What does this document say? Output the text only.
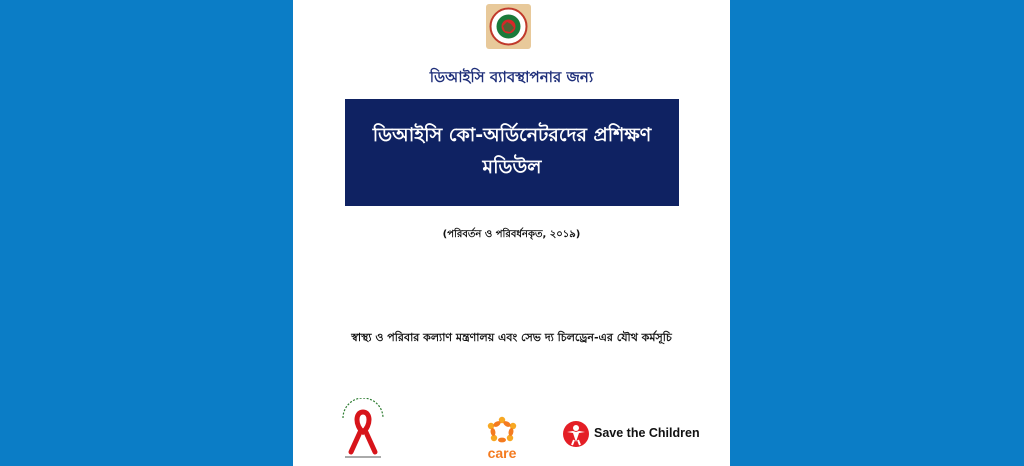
ডিআইসি ব্যাবস্থাপনার জন্য
ডিআইসি কো-অর্ডিনেটরদের প্রশিক্ষণ মডিউল
(পরিবর্তন ও পরিবর্ধনকৃত, ২০১৯)
স্বাস্থ্য ও পরিবার কল্যাণ মন্ত্রণালয় এবং সেভ দ্য চিলড্রেন-এর যৌথ কর্মসূচি
care
Save the Children
